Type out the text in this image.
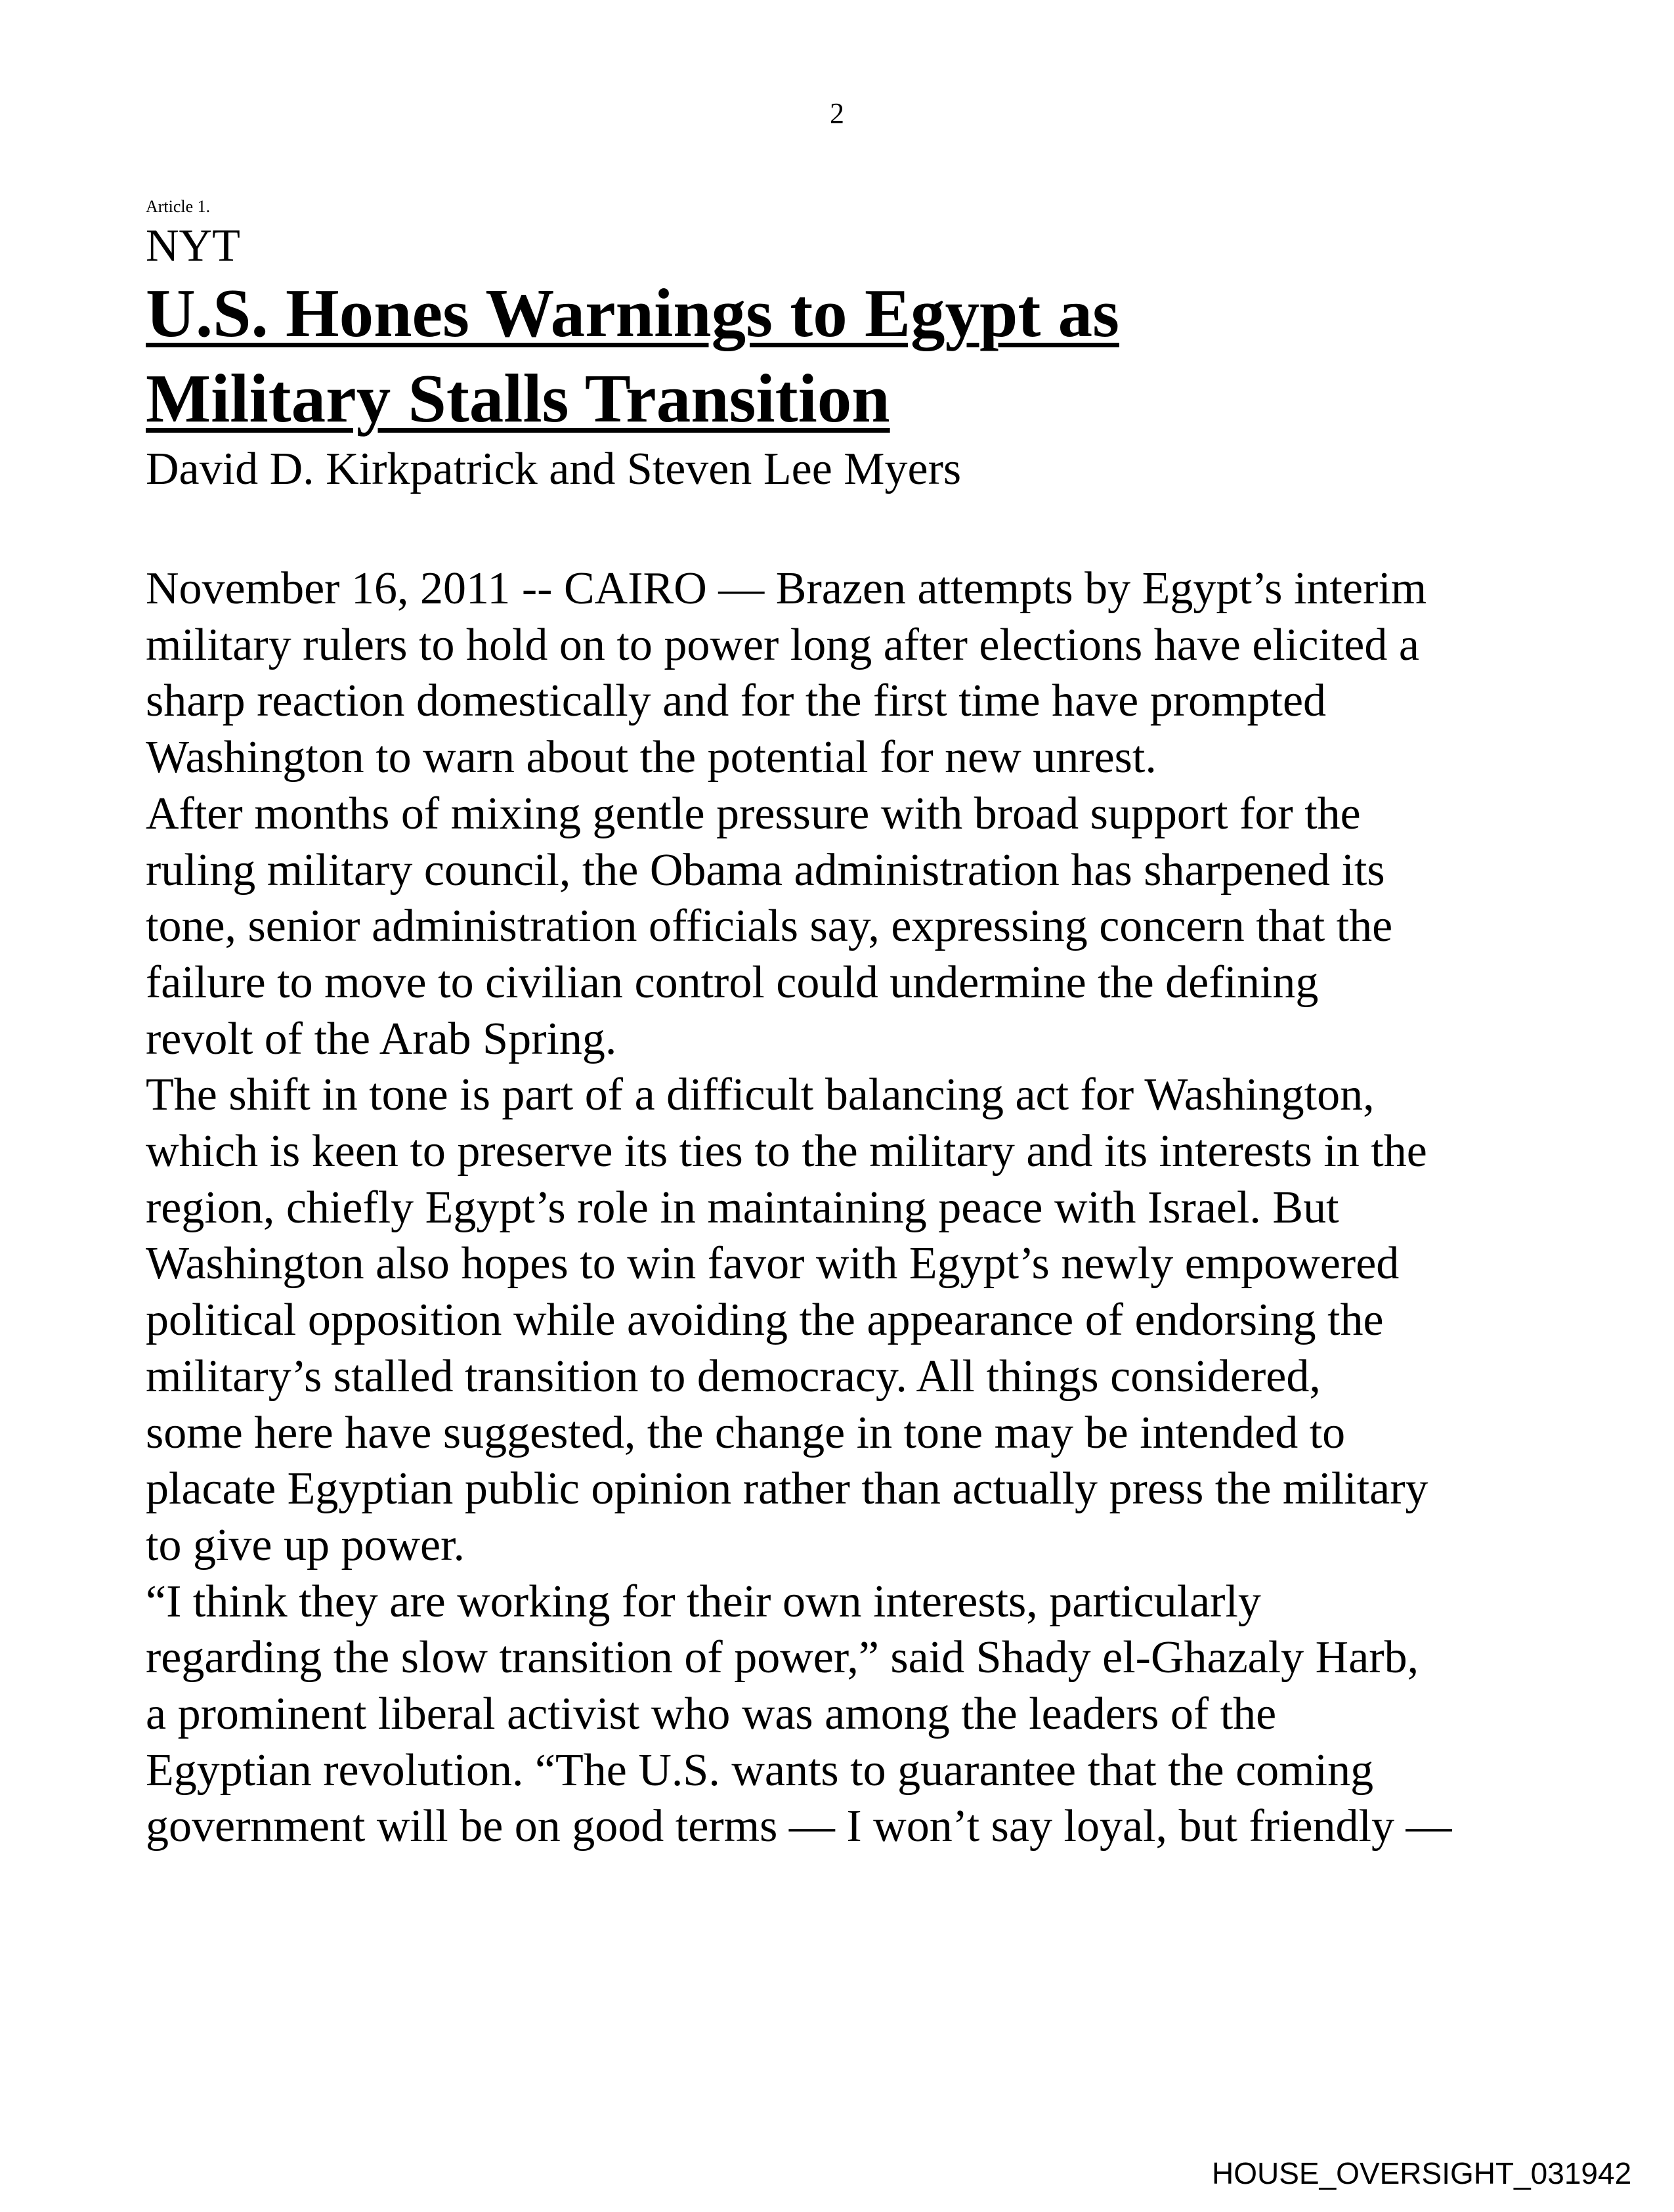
2
Article 1.
NYT
U.S. Hones Warnings to Egypt as
Military Stalls Transition
David D. Kirkpatrick and Steven Lee Myers
November 16, 2011 -- CAIRO — Brazen attempts by Egypt’s interim
military rulers to hold on to power long after elections have elicited a
sharp reaction domestically and for the first time have prompted
Washington to warn about the potential for new unrest.
After months of mixing gentle pressure with broad support for the
ruling military council, the Obama administration has sharpened its
tone, senior administration officials say, expressing concern that the
failure to move to civilian control could undermine the defining
revolt of the Arab Spring.
The shift in tone is part of a difficult balancing act for Washington,
which is keen to preserve its ties to the military and its interests in the
region, chiefly Egypt’s role in maintaining peace with Israel. But
Washington also hopes to win favor with Egypt’s newly empowered
political opposition while avoiding the appearance of endorsing the
military’s stalled transition to democracy. All things considered,
some here have suggested, the change in tone may be intended to
placate Egyptian public opinion rather than actually press the military
to give up power.
“I think they are working for their own interests, particularly
regarding the slow transition of power,” said Shady el-Ghazaly Harb,
a prominent liberal activist who was among the leaders of the
Egyptian revolution. “The U.S. wants to guarantee that the coming
government will be on good terms — I won’t say loyal, but friendly —
HOUSE_OVERSIGHT_031942
